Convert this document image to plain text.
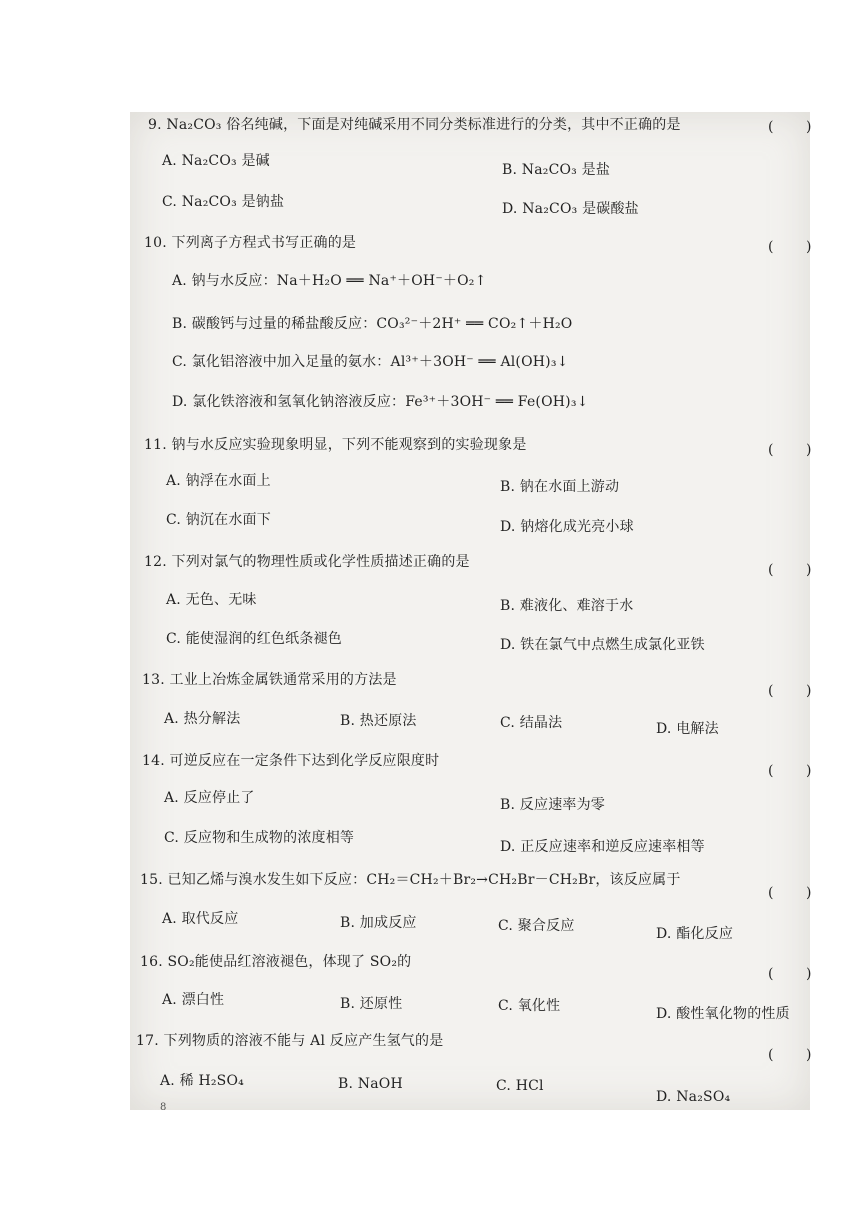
9. Na₂CO₃ 俗名纯碱，下面是对纯碱采用不同分类标准进行的分类，其中不正确的是	( )
A. Na₂CO₃ 是碱
B. Na₂CO₃ 是盐
C. Na₂CO₃ 是钠盐	D. Na₂CO₃ 是碳酸盐
10. 下列离子方程式书写正确的是	( )
A. 钠与水反应：Na＋H₂O ══ Na⁺＋OH⁻＋O₂↑
B. 碳酸钙与过量的稀盐酸反应：CO₃²⁻＋2H⁺ ══ CO₂↑＋H₂O
C. 氯化铝溶液中加入足量的氨水：Al³⁺＋3OH⁻ ══ Al(OH)₃↓
D. 氯化铁溶液和氢氧化钠溶液反应：Fe³⁺＋3OH⁻ ══ Fe(OH)₃↓
11. 钠与水反应实验现象明显，下列不能观察到的实验现象是	( )
A. 钠浮在水面上	B. 钠在水面上游动
C. 钠沉在水面下	D. 钠熔化成光亮小球
12. 下列对氯气的物理性质或化学性质描述正确的是	( )
A. 无色、无味	B. 难液化、难溶于水
C. 能使湿润的红色纸条褪色	D. 铁在氯气中点燃生成氯化亚铁
13. 工业上冶炼金属铁通常采用的方法是
( )
A. 热分解法	B. 热还原法	C. 结晶法	D. 电解法
14. 可逆反应在一定条件下达到化学反应限度时
( )
A. 反应停止了	B. 反应速率为零
C. 反应物和生成物的浓度相等
D. 正反应速率和逆反应速率相等
15. 已知乙烯与溴水发生如下反应：CH₂＝CH₂＋Br₂→CH₂Br－CH₂Br，该反应属于
( )
A. 取代反应	B. 加成反应	C. 聚合反应	D. 酯化反应
16. SO₂能使品红溶液褪色，体现了 SO₂的
( )
A. 漂白性	B. 还原性	C. 氧化性	D. 酸性氧化物的性质
17. 下列物质的溶液不能与 Al 反应产生氢气的是
( )
A. 稀 H₂SO₄	B. NaOH	C. HCl
D. Na₂SO₄
8
